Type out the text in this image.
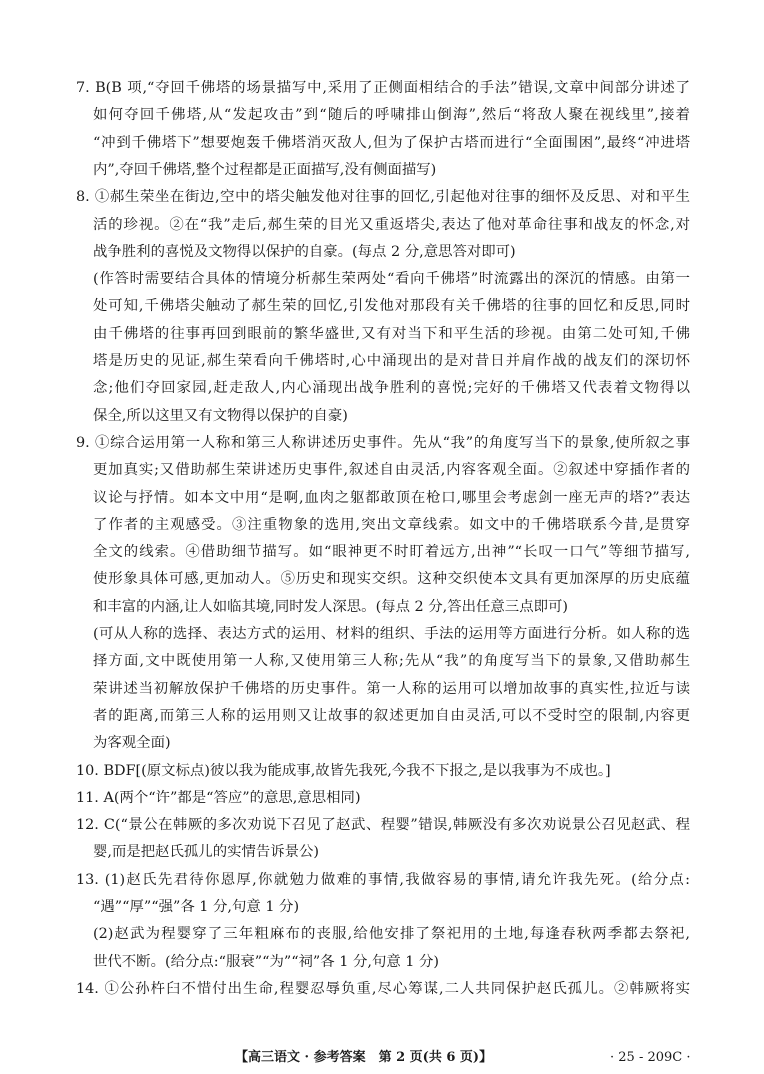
7. B(B 项,“夺回千佛塔的场景描写中,采用了正侧面相结合的手法”错误,文章中间部分讲述了
如何夺回千佛塔,从“发起攻击”到“随后的呼啸排山倒海”,然后“将敌人聚在视线里”,接着
“冲到千佛塔下”想要炮轰千佛塔消灭敌人,但为了保护古塔而进行“全面围困”,最终“冲进塔
内”,夺回千佛塔,整个过程都是正面描写,没有侧面描写)
8. ①郝生荣坐在街边,空中的塔尖触发他对往事的回忆,引起他对往事的细怀及反思、对和平生
活的珍视。②在“我”走后,郝生荣的目光又重返塔尖,表达了他对革命往事和战友的怀念,对
战争胜利的喜悦及文物得以保护的自豪。(每点 2 分,意思答对即可)
(作答时需要结合具体的情境分析郝生荣两处“看向千佛塔”时流露出的深沉的情感。由第一
处可知,千佛塔尖触动了郝生荣的回忆,引发他对那段有关千佛塔的往事的回忆和反思,同时
由千佛塔的往事再回到眼前的繁华盛世,又有对当下和平生活的珍视。由第二处可知,千佛
塔是历史的见证,郝生荣看向千佛塔时,心中涌现出的是对昔日并肩作战的战友们的深切怀
念;他们夺回家园,赶走敌人,内心涌现出战争胜利的喜悦;完好的千佛塔又代表着文物得以
保全,所以这里又有文物得以保护的自豪)
9. ①综合运用第一人称和第三人称讲述历史事件。先从“我”的角度写当下的景象,使所叙之事
更加真实;又借助郝生荣讲述历史事件,叙述自由灵活,内容客观全面。②叙述中穿插作者的
议论与抒情。如本文中用“是啊,血肉之躯都敢顶在枪口,哪里会考虑剑一座无声的塔?”表达
了作者的主观感受。③注重物象的选用,突出文章线索。如文中的千佛塔联系今昔,是贯穿
全文的线索。④借助细节描写。如“眼神更不时盯着远方,出神”“长叹一口气”等细节描写,
使形象具体可感,更加动人。⑤历史和现实交织。这种交织使本文具有更加深厚的历史底蕴
和丰富的内涵,让人如临其境,同时发人深思。(每点 2 分,答出任意三点即可)
(可从人称的选择、表达方式的运用、材料的组织、手法的运用等方面进行分析。如人称的选
择方面,文中既使用第一人称,又使用第三人称;先从“我”的角度写当下的景象,又借助郝生
荣讲述当初解放保护千佛塔的历史事件。第一人称的运用可以增加故事的真实性,拉近与读
者的距离,而第三人称的运用则又让故事的叙述更加自由灵活,可以不受时空的限制,内容更
为客观全面)
10. BDF[(原文标点)彼以我为能成事,故皆先我死,今我不下报之,是以我事为不成也。]
11. A(两个“许”都是“答应”的意思,意思相同)
12. C(“景公在韩厥的多次劝说下召见了赵武、程婴”错误,韩厥没有多次劝说景公召见赵武、程
婴,而是把赵氏孤儿的实情告诉景公)
13. (1)赵氏先君待你恩厚,你就勉力做难的事情,我做容易的事情,请允许我先死。(给分点:
“遇”“厚”“强”各 1 分,句意 1 分)
(2)赵武为程婴穿了三年粗麻布的丧服,给他安排了祭祀用的土地,每逢春秋两季都去祭祀,
世代不断。(给分点:“服衰”“为”“祠”各 1 分,句意 1 分)
14. ①公孙杵臼不惜付出生命,程婴忍辱负重,尽心筹谋,二人共同保护赵氏孤儿。②韩厥将实
【高三语文 · 参考答案　第 2 页(共 6 页)】	· 25 - 209C ·
